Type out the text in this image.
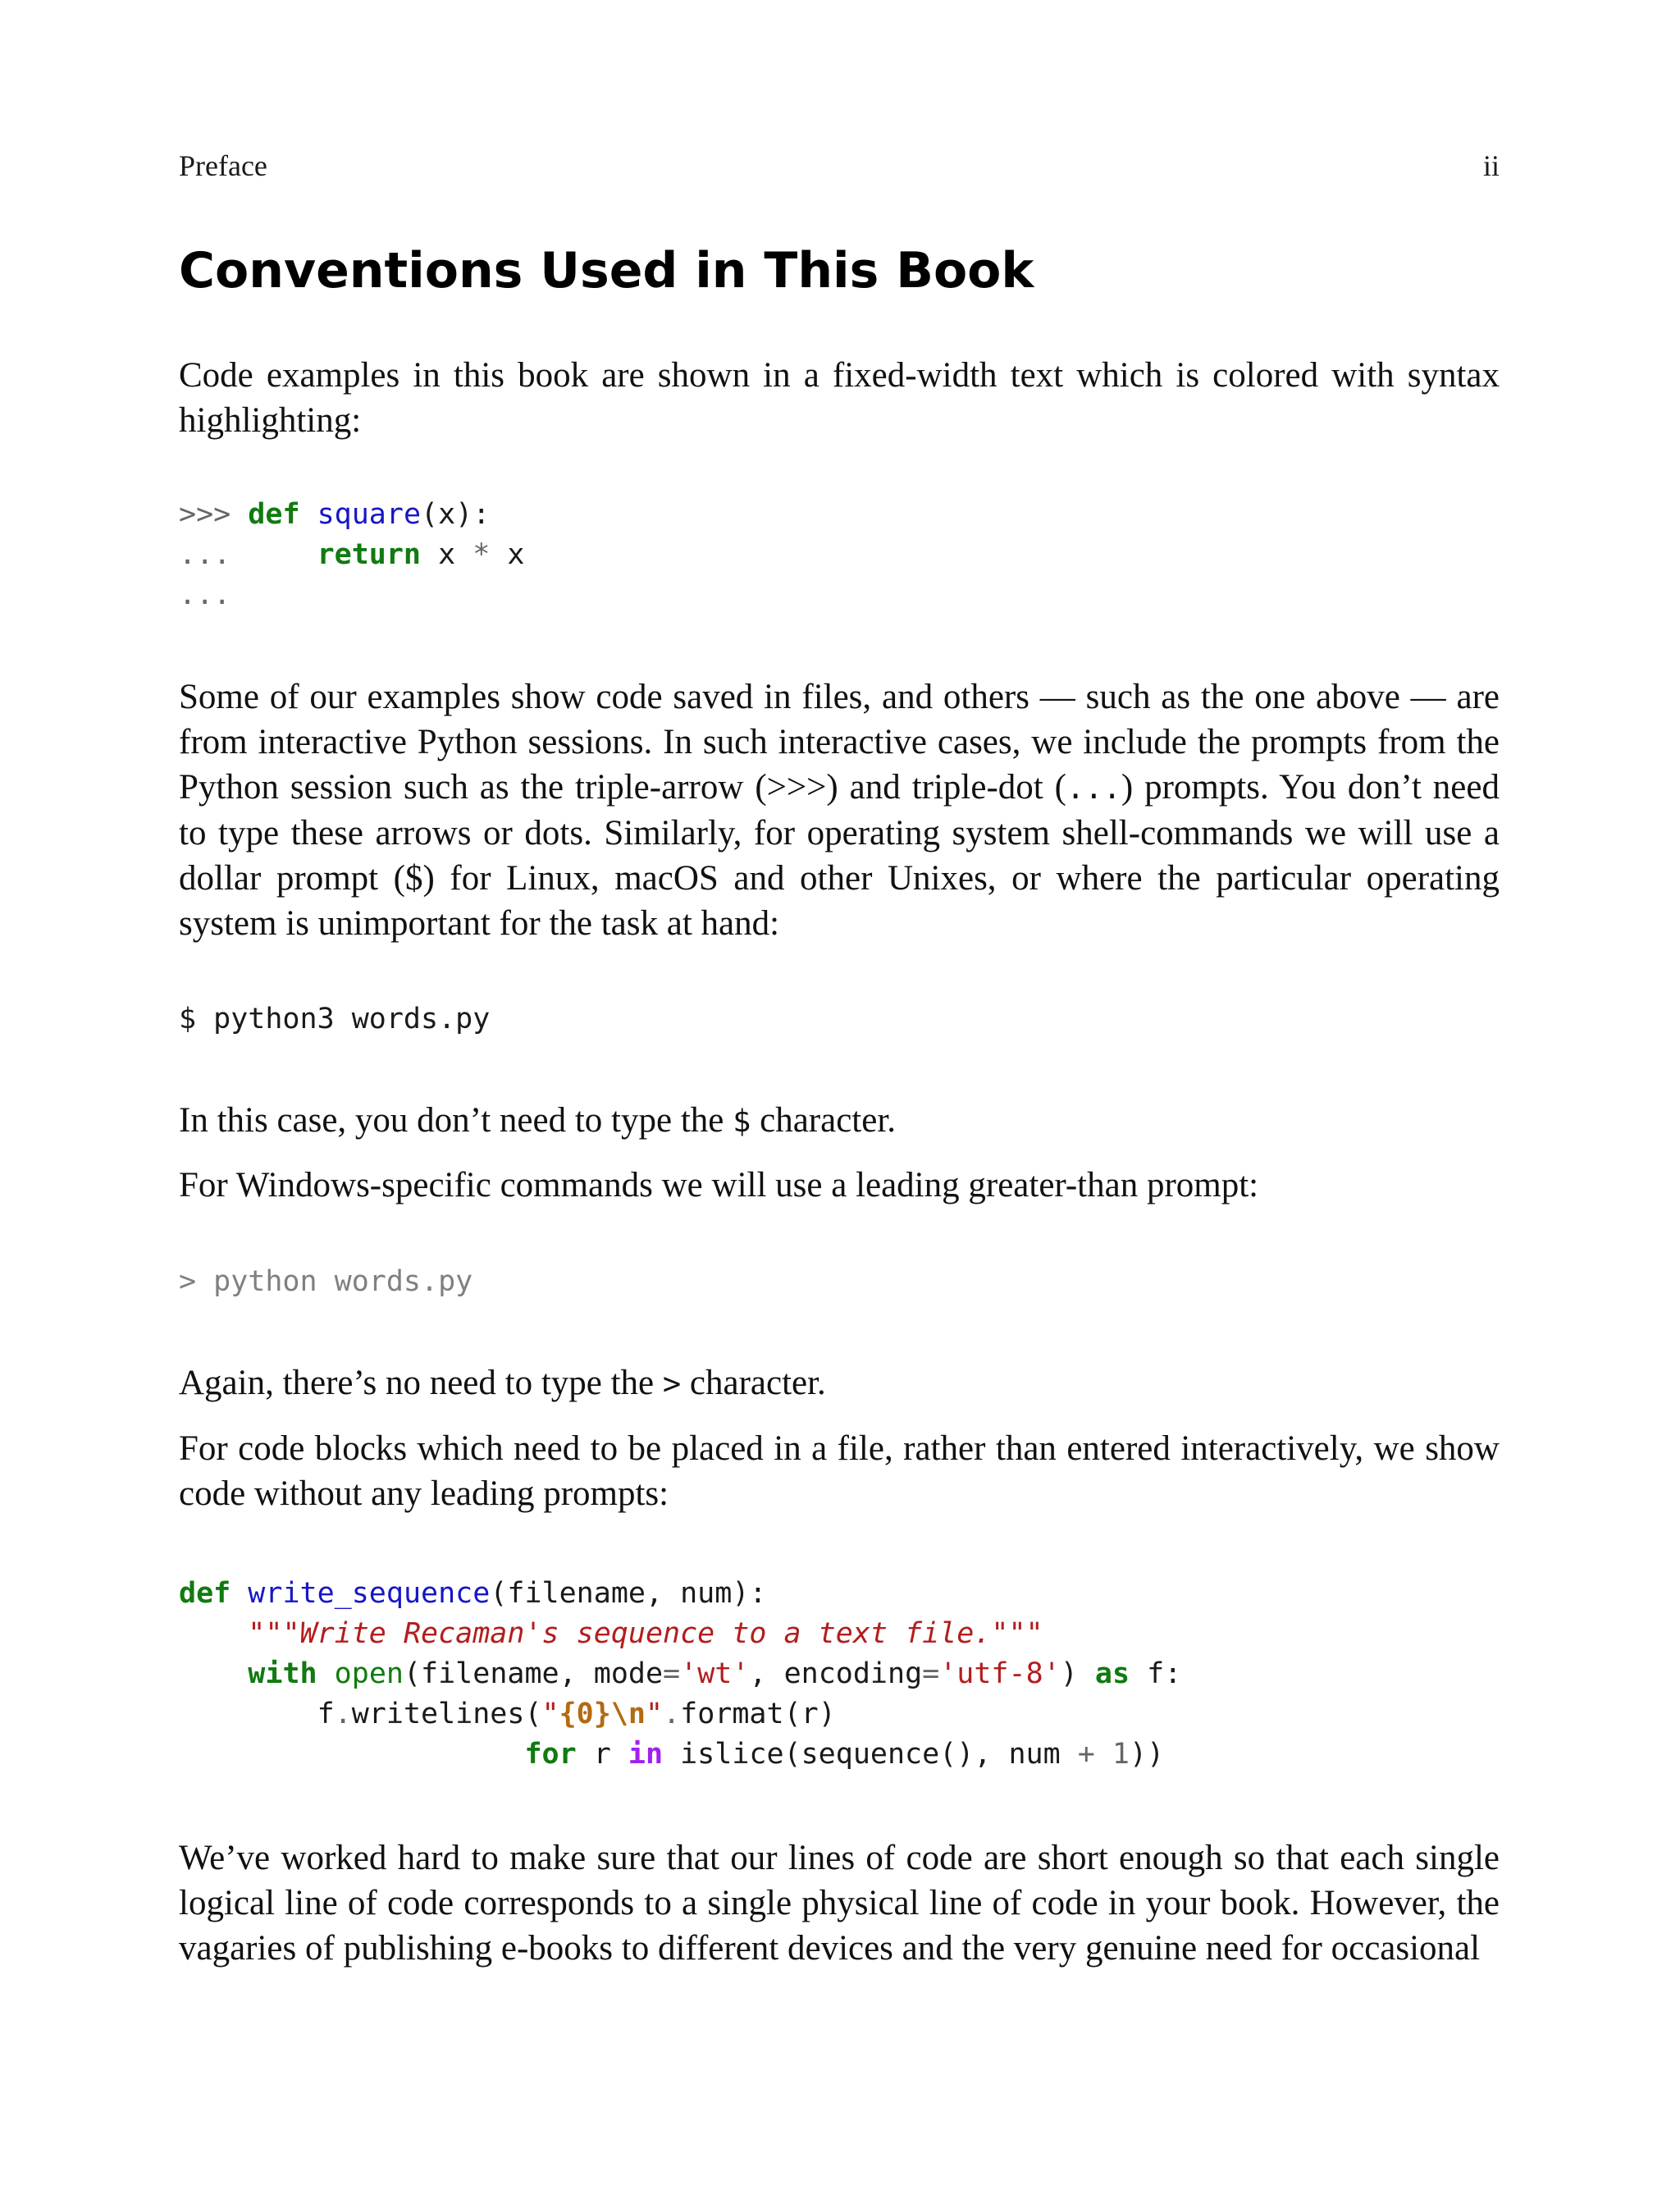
Preface	ii
Conventions Used in This Book

Code examples in this book are shown in a fixed-width text which is colored with syntax highlighting:

>>> def square(x):
...	return x * x
...

Some of our examples show code saved in files, and others — such as the one above — are from interactive Python sessions. In such interactive cases, we include the prompts from the Python session such as the triple-arrow (>>>) and triple-dot (...) prompts. You don’t need to type these arrows or dots. Similarly, for operating system shell-commands we will use a dollar prompt ($) for Linux, macOS and other Unixes, or where the particular operating system is unimportant for the task at hand:

$ python3 words.py

In this case, you don’t need to type the $ character.

For Windows-specific commands we will use a leading greater-than prompt:

> python words.py

Again, there’s no need to type the > character.

For code blocks which need to be placed in a file, rather than entered interactively, we show code without any leading prompts:

def write_sequence(filename, num):
"""Write Recaman's sequence to a text file."""
with open(filename, mode='wt', encoding='utf-8') as f:
f.writelines("{0}\n".format(r)
for r in islice(sequence(), num + 1))

We’ve worked hard to make sure that our lines of code are short enough so that each single logical line of code corresponds to a single physical line of code in your book. However, the vagaries of publishing e-books to different devices and the very genuine need for occasional
